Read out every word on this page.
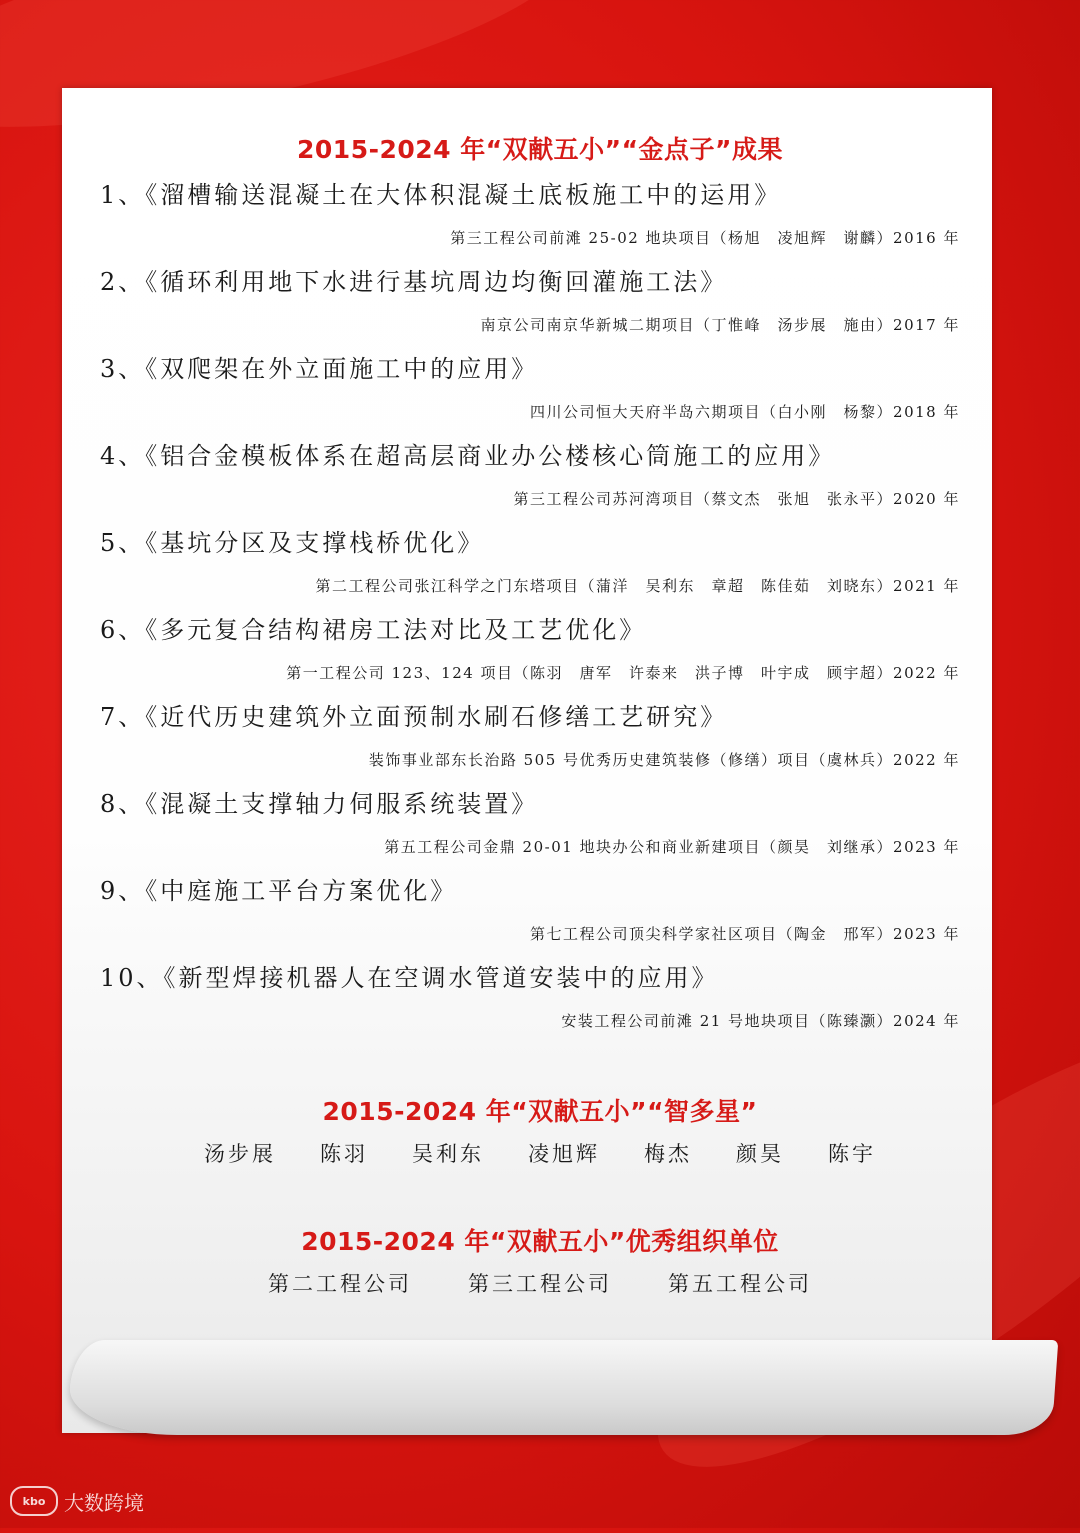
2015-2024 年“双献五小”“金点子”成果
1、《溜槽输送混凝土在大体积混凝土底板施工中的运用》
第三工程公司前滩 25-02 地块项目（杨旭　凌旭辉　谢麟）2016 年
2、《循环利用地下水进行基坑周边均衡回灌施工法》
南京公司南京华新城二期项目（丁惟峰　汤步展　施由）2017 年
3、《双爬架在外立面施工中的应用》
四川公司恒大天府半岛六期项目（白小刚　杨黎）2018 年
4、《铝合金模板体系在超高层商业办公楼核心筒施工的应用》
第三工程公司苏河湾项目（蔡文杰　张旭　张永平）2020 年
5、《基坑分区及支撑栈桥优化》
第二工程公司张江科学之门东塔项目（蒲洋　吴利东　章超　陈佳茹　刘晓东）2021 年
6、《多元复合结构裙房工法对比及工艺优化》
第一工程公司 123、124 项目（陈羽　唐军　许泰来　洪子博　叶宇成　顾宇超）2022 年
7、《近代历史建筑外立面预制水刷石修缮工艺研究》
装饰事业部东长治路 505 号优秀历史建筑装修（修缮）项目（虞林兵）2022 年
8、《混凝土支撑轴力伺服系统装置》
第五工程公司金鼎 20-01 地块办公和商业新建项目（颜昊　刘继承）2023 年
9、《中庭施工平台方案优化》
第七工程公司顶尖科学家社区项目（陶金　邢军）2023 年
10、《新型焊接机器人在空调水管道安装中的应用》
安装工程公司前滩 21 号地块项目（陈臻灏）2024 年
2015-2024 年“双献五小”“智多星”
汤步展 陈羽 吴利东 凌旭辉 梅杰 颜昊 陈宇
2015-2024 年“双献五小”优秀组织单位
第二工程公司	第三工程公司	第五工程公司
kbo 大数跨境
